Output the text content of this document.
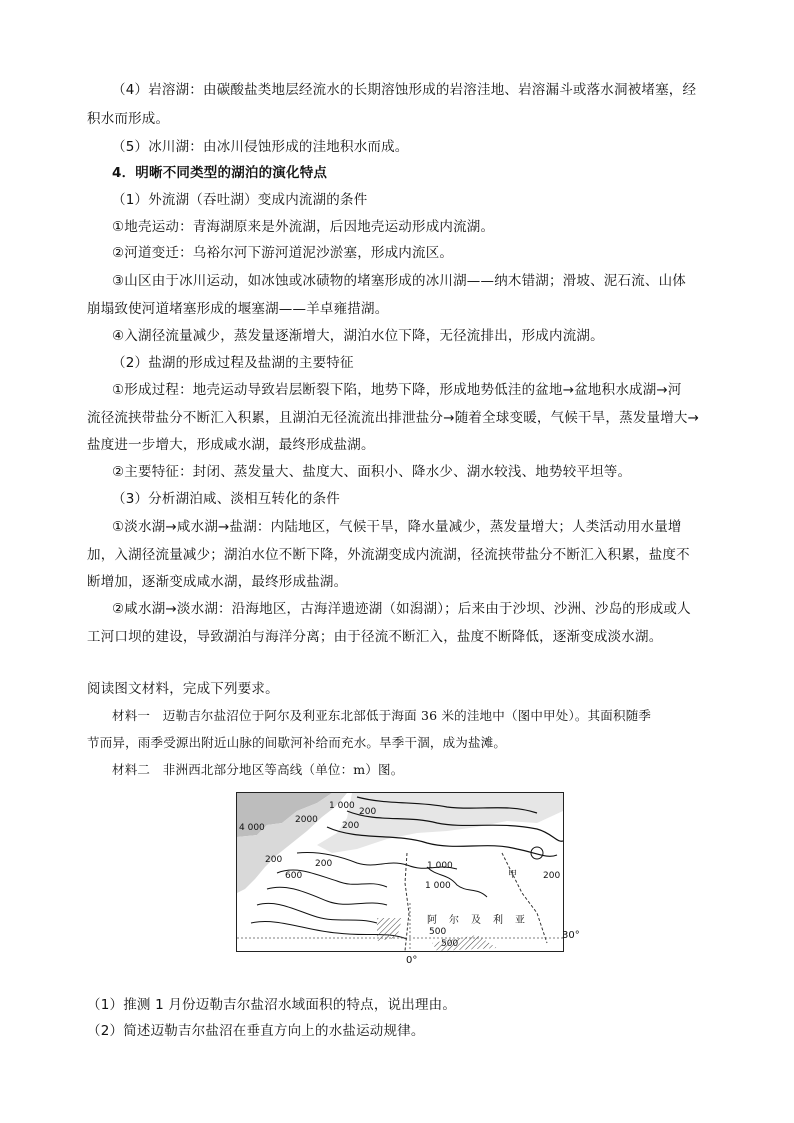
（4）岩溶湖：由碳酸盐类地层经流水的长期溶蚀形成的岩溶洼地、岩溶漏斗或落水洞被堵塞，经
积水而形成。
（5）冰川湖：由冰川侵蚀形成的洼地积水而成。
4．明晰不同类型的湖泊的演化特点
（1）外流湖（吞吐湖）变成内流湖的条件
①地壳运动：青海湖原来是外流湖，后因地壳运动形成内流湖。
②河道变迁：乌裕尔河下游河道泥沙淤塞，形成内流区。
③山区由于冰川运动，如冰蚀或冰碛物的堵塞形成的冰川湖——纳木错湖；滑坡、泥石流、山体
崩塌致使河道堵塞形成的堰塞湖——羊卓雍措湖。
④入湖径流量减少，蒸发量逐渐增大，湖泊水位下降，无径流排出，形成内流湖。
（2）盐湖的形成过程及盐湖的主要特征
①形成过程：地壳运动导致岩层断裂下陷，地势下降，形成地势低洼的盆地→盆地积水成湖→河
流径流挟带盐分不断汇入积累，且湖泊无径流流出排泄盐分→随着全球变暖，气候干旱，蒸发量增大→
盐度进一步增大，形成咸水湖，最终形成盐湖。
②主要特征：封闭、蒸发量大、盐度大、面积小、降水少、湖水较浅、地势较平坦等。
（3）分析湖泊咸、淡相互转化的条件
①淡水湖→咸水湖→盐湖：内陆地区，气候干旱，降水量减少，蒸发量增大；人类活动用水量增
加，入湖径流量减少；湖泊水位不断下降，外流湖变成内流湖，径流挟带盐分不断汇入积累，盐度不
断增加，逐渐变成咸水湖，最终形成盐湖。
②咸水湖→淡水湖：沿海地区，古海洋遗迹湖（如潟湖）；后来由于沙坝、沙洲、沙岛的形成或人
工河口坝的建设，导致湖泊与海洋分离；由于径流不断汇入，盐度不断降低，逐渐变成淡水湖。
阅读图文材料，完成下列要求。
材料一　迈勒吉尔盐沼位于阿尔及利亚东北部低于海面 36 米的洼地中（图中甲处）。其面积随季
节而异，雨季受源出附近山脉的间歇河补给而充水。旱季干涸，成为盐滩。
材料二　非洲西北部分地区等高线（单位：m）图。
1 000
200
200
4 000
2000
600
200	1 000
1 000
甲	200
阿 尔 及 利 亚
500
500
200
30°
0°
（1）推测 1 月份迈勒吉尔盐沼水域面积的特点，说出理由。
（2）简述迈勒吉尔盐沼在垂直方向上的水盐运动规律。
